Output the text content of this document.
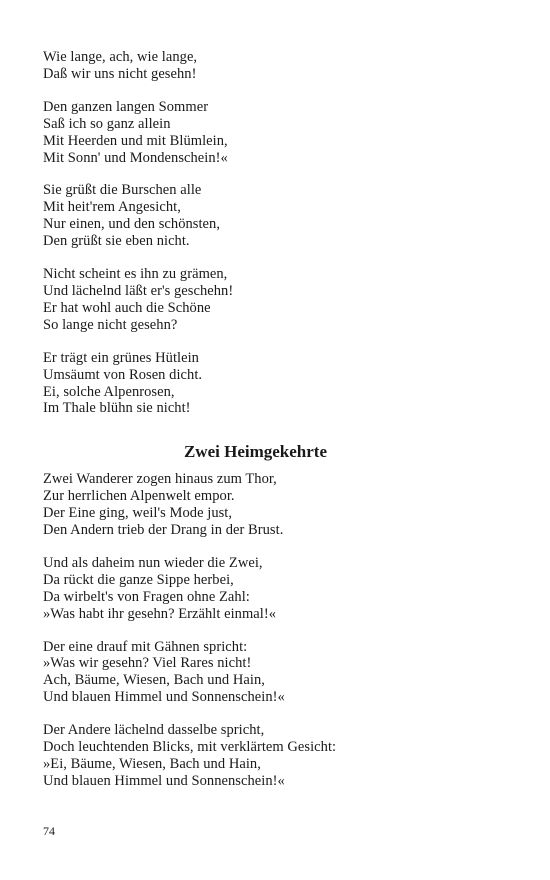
Wie lange, ach, wie lange,
Daß wir uns nicht gesehn!
Den ganzen langen Sommer
Saß ich so ganz allein
Mit Heerden und mit Blümlein,
Mit Sonn' und Mondenschein!«
Sie grüßt die Burschen alle
Mit heit'rem Angesicht,
Nur einen, und den schönsten,
Den grüßt sie eben nicht.
Nicht scheint es ihn zu grämen,
Und lächelnd läßt er's geschehn!
Er hat wohl auch die Schöne
So lange nicht gesehn?
Er trägt ein grünes Hütlein
Umsäumt von Rosen dicht.
Ei, solche Alpenrosen,
Im Thale blühn sie nicht!
Zwei Heimgekehrte
Zwei Wanderer zogen hinaus zum Thor,
Zur herrlichen Alpenwelt empor.
Der Eine ging, weil's Mode just,
Den Andern trieb der Drang in der Brust.
Und als daheim nun wieder die Zwei,
Da rückt die ganze Sippe herbei,
Da wirbelt's von Fragen ohne Zahl:
»Was habt ihr gesehn? Erzählt einmal!«
Der eine drauf mit Gähnen spricht:
»Was wir gesehn? Viel Rares nicht!
Ach, Bäume, Wiesen, Bach und Hain,
Und blauen Himmel und Sonnenschein!«
Der Andere lächelnd dasselbe spricht,
Doch leuchtenden Blicks, mit verklärtem Gesicht:
»Ei, Bäume, Wiesen, Bach und Hain,
Und blauen Himmel und Sonnenschein!«
74
